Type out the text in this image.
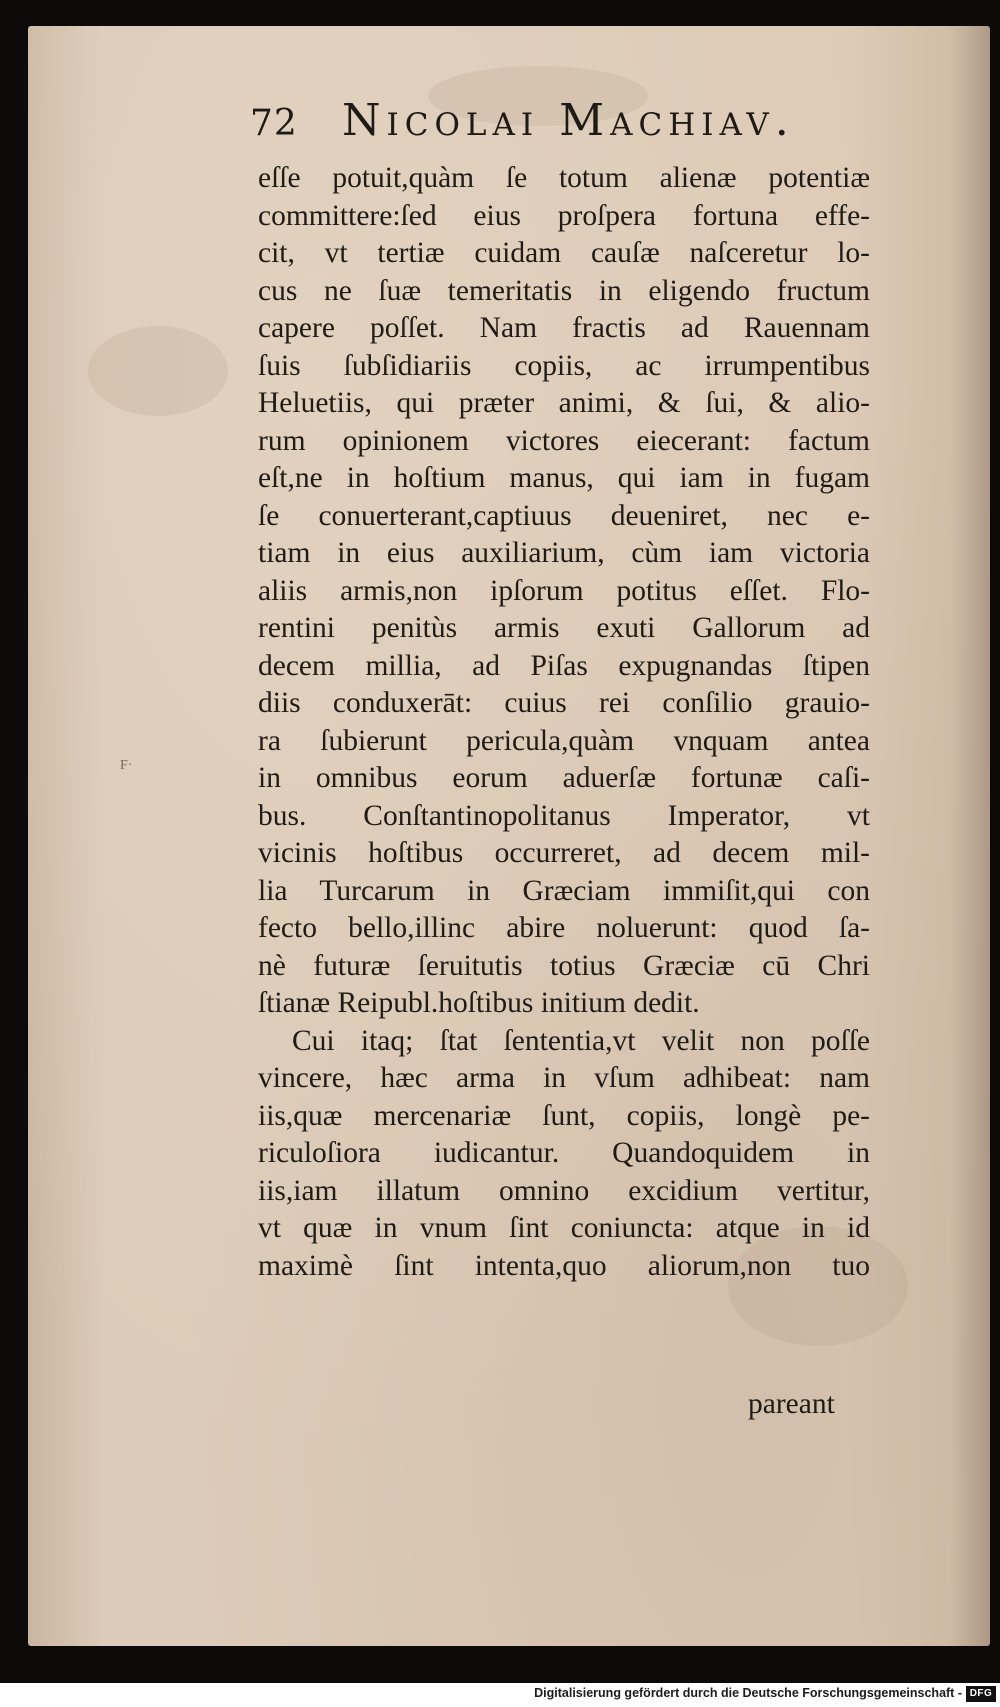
72 Nicolai Machiav.
F·
eſſe potuit,quàm ſe totum alienæ potentiæ
committere:ſed eius proſpera fortuna effe-
cit, vt tertiæ cuidam cauſæ naſceretur lo-
cus ne ſuæ temeritatis in eligendo fructum
capere poſſet. Nam fractis ad Rauennam
ſuis ſubſidiariis copiis, ac irrumpentibus
Heluetiis, qui præter animi, & ſui, & alio-
rum opinionem victores eiecerant: factum
eſt,ne in hoſtium manus, qui iam in fugam
ſe conuerterant,captiuus deueniret, nec e-
tiam in eius auxiliarium, cùm iam victoria
aliis armis,non ipſorum potitus eſſet. Flo-
rentini penitùs armis exuti Gallorum ad
decem millia, ad Piſas expugnandas ſtipen
diis conduxerāt: cuius rei conſilio grauio-
ra ſubierunt pericula,quàm vnquam antea
in omnibus eorum aduerſæ fortunæ caſi-
bus. Conſtantinopolitanus Imperator, vt
vicinis hoſtibus occurreret, ad decem mil-
lia Turcarum in Græciam immiſit,qui con
fecto bello,illinc abire noluerunt: quod ſa-
nè futuræ ſeruitutis totius Græciæ cū Chri
ſtianæ Reipubl.hoſtibus initium dedit.
Cui itaq; ſtat ſententia,vt velit non poſſe
vincere, hæc arma in vſum adhibeat: nam
iis,quæ mercenariæ ſunt, copiis, longè pe-
riculoſiora iudicantur. Quandoquidem in
iis,iam illatum omnino excidium vertitur,
vt quæ in vnum ſint coniuncta: atque in id
maximè ſint intenta,quo aliorum,non tuo
pareant
Digitalisierung gefördert durch die Deutsche Forschungsgemeinschaft - DFG
